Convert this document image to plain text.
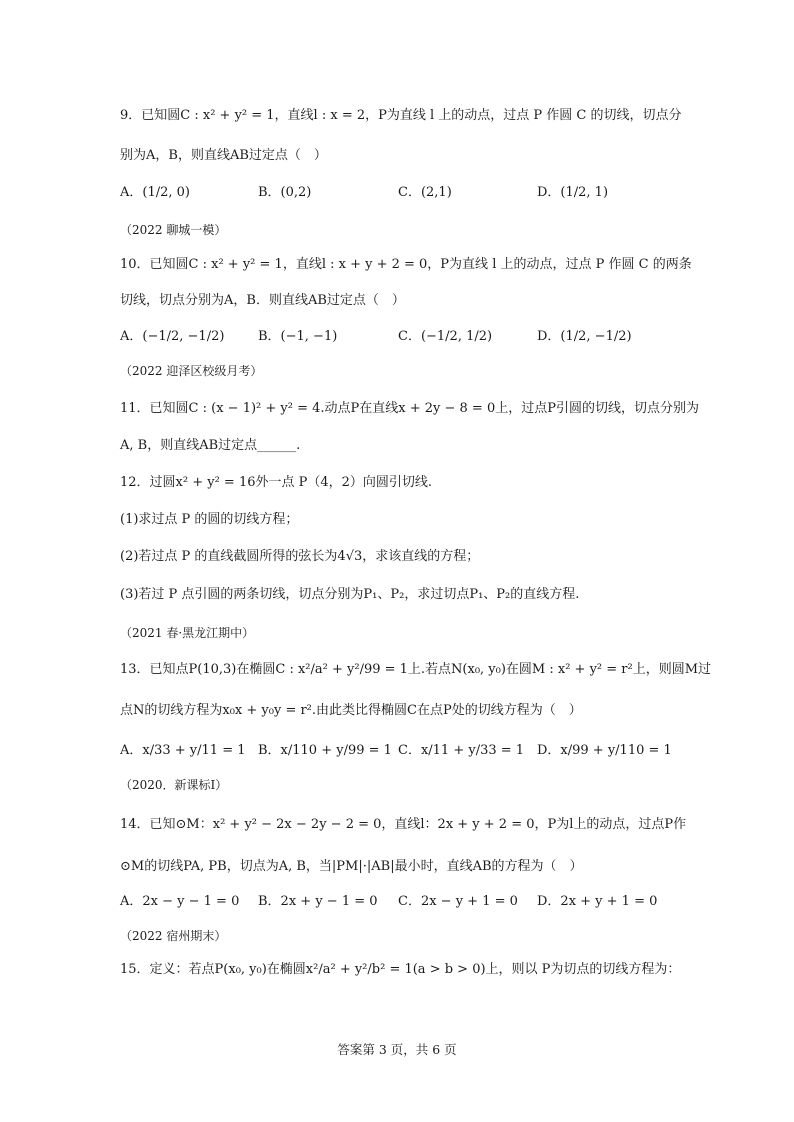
9．已知圆C : x² + y² = 1，直线l : x = 2，P为直线 l 上的动点，过点 P 作圆 C 的切线，切点分
别为A，B，则直线AB过定点（　）
A．(1/2, 0)	B．(0,2)	C．(2,1)	D．(1/2, 1)
（2022 聊城一模）
10．已知圆C : x² + y² = 1，直线l : x + y + 2 = 0，P为直线 l 上的动点，过点 P 作圆 C 的两条
切线，切点分别为A，B．则直线AB过定点（　）
A．(−1/2, −1/2)	B．(−1, −1)	C．(−1/2, 1/2)	D．(1/2, −1/2)
（2022 迎泽区校级月考）
11．已知圆C : (x − 1)² + y² = 4.动点P在直线x + 2y − 8 = 0上，过点P引圆的切线，切点分别为
A, B，则直线AB过定点______.
12．过圆x² + y² = 16外一点 P（4，2）向圆引切线.
(1)求过点 P 的圆的切线方程；
(2)若过点 P 的直线截圆所得的弦长为4√3，求该直线的方程；
(3)若过 P 点引圆的两条切线，切点分别为P₁、P₂，求过切点P₁、P₂的直线方程.
（2021 春·黑龙江期中）
13．已知点P(10,3)在椭圆C : x²/a² + y²/99 = 1上.若点N(x₀, y₀)在圆M : x² + y² = r²上，则圆M过
点N的切线方程为x₀x + y₀y = r².由此类比得椭圆C在点P处的切线方程为（　）
A．x/33 + y/11 = 1 B．x/110 + y/99 = 1 C．x/11 + y/33 = 1 D．x/99 + y/110 = 1
（2020．新课标Ⅰ）
14．已知⊙M：x² + y² − 2x − 2y − 2 = 0，直线l：2x + y + 2 = 0，P为l上的动点，过点P作
⊙M的切线PA, PB，切点为A, B，当|PM|·|AB|最小时，直线AB的方程为（　）
A．2x − y − 1 = 0 B．2x + y − 1 = 0 C．2x − y + 1 = 0 D．2x + y + 1 = 0
（2022 宿州期末）
15．定义：若点P(x₀, y₀)在椭圆x²/a² + y²/b² = 1(a > b > 0)上，则以 P为切点的切线方程为：
答案第 3 页，共 6 页
